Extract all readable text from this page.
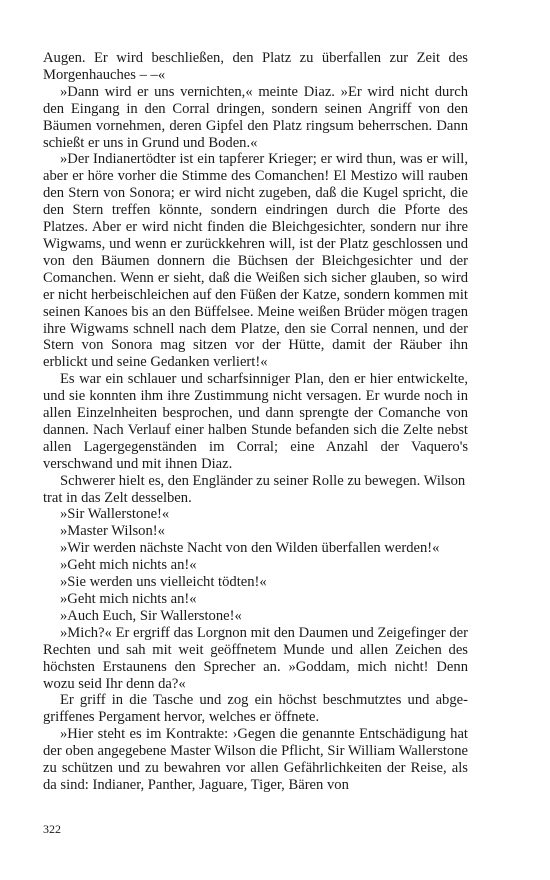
Augen. Er wird beschließen, den Platz zu überfallen zur Zeit des Morgenhauches – –«

»Dann wird er uns vernichten,« meinte Diaz. »Er wird nicht durch den Eingang in den Corral dringen, sondern seinen Angriff von den Bäumen vornehmen, deren Gipfel den Platz ringsum beherrschen. Dann schießt er uns in Grund und Boden.«

»Der Indianertödter ist ein tapferer Krieger; er wird thun, was er will, aber er höre vorher die Stimme des Comanchen! El Mestizo will rauben den Stern von Sonora; er wird nicht zugeben, daß die Kugel spricht, die den Stern treffen könnte, sondern eindringen durch die Pforte des Platzes. Aber er wird nicht finden die Bleichgesichter, sondern nur ihre Wigwams, und wenn er zurückkehren will, ist der Platz geschlossen und von den Bäumen donnern die Büchsen der Bleichgesichter und der Comanchen. Wenn er sieht, daß die Weißen sich sicher glauben, so wird er nicht herbeischleichen auf den Füßen der Katze, sondern kommen mit seinen Kanoes bis an den Büffelsee. Meine weißen Brüder mögen tragen ihre Wigwams schnell nach dem Platze, den sie Corral nennen, und der Stern von Sonora mag sitzen vor der Hütte, damit der Räuber ihn erblickt und seine Gedanken verliert!«

Es war ein schlauer und scharfsinniger Plan, den er hier entwickelte, und sie konnten ihm ihre Zustimmung nicht versagen. Er wurde noch in allen Einzelnheiten besprochen, und dann sprengte der Comanche von dannen. Nach Verlauf einer halben Stunde befanden sich die Zelte nebst allen Lagergegenständen im Corral; eine Anzahl der Vaquero's verschwand und mit ihnen Diaz.

Schwerer hielt es, den Engländer zu seiner Rolle zu bewegen. Wilson trat in das Zelt desselben.

»Sir Wallerstone!«

»Master Wilson!«

»Wir werden nächste Nacht von den Wilden überfallen werden!«

»Geht mich nichts an!«

»Sie werden uns vielleicht tödten!«

»Geht mich nichts an!«

»Auch Euch, Sir Wallerstone!«

»Mich?« Er ergriff das Lorgnon mit den Daumen und Zeigefinger der Rechten und sah mit weit geöffnetem Munde und allen Zeichen des höchsten Erstaunens den Sprecher an. »Goddam, mich nicht! Denn wozu seid Ihr denn da?«

Er griff in die Tasche und zog ein höchst beschmutztes und abgegriffenes Pergament hervor, welches er öffnete.

»Hier steht es im Kontrakte: ›Gegen die genannte Entschädigung hat der oben angegebene Master Wilson die Pflicht, Sir William Wallerstone zu schützen und zu bewahren vor allen Gefährlichkeiten der Reise, als da sind: Indianer, Panther, Jaguare, Tiger, Bären von

322
